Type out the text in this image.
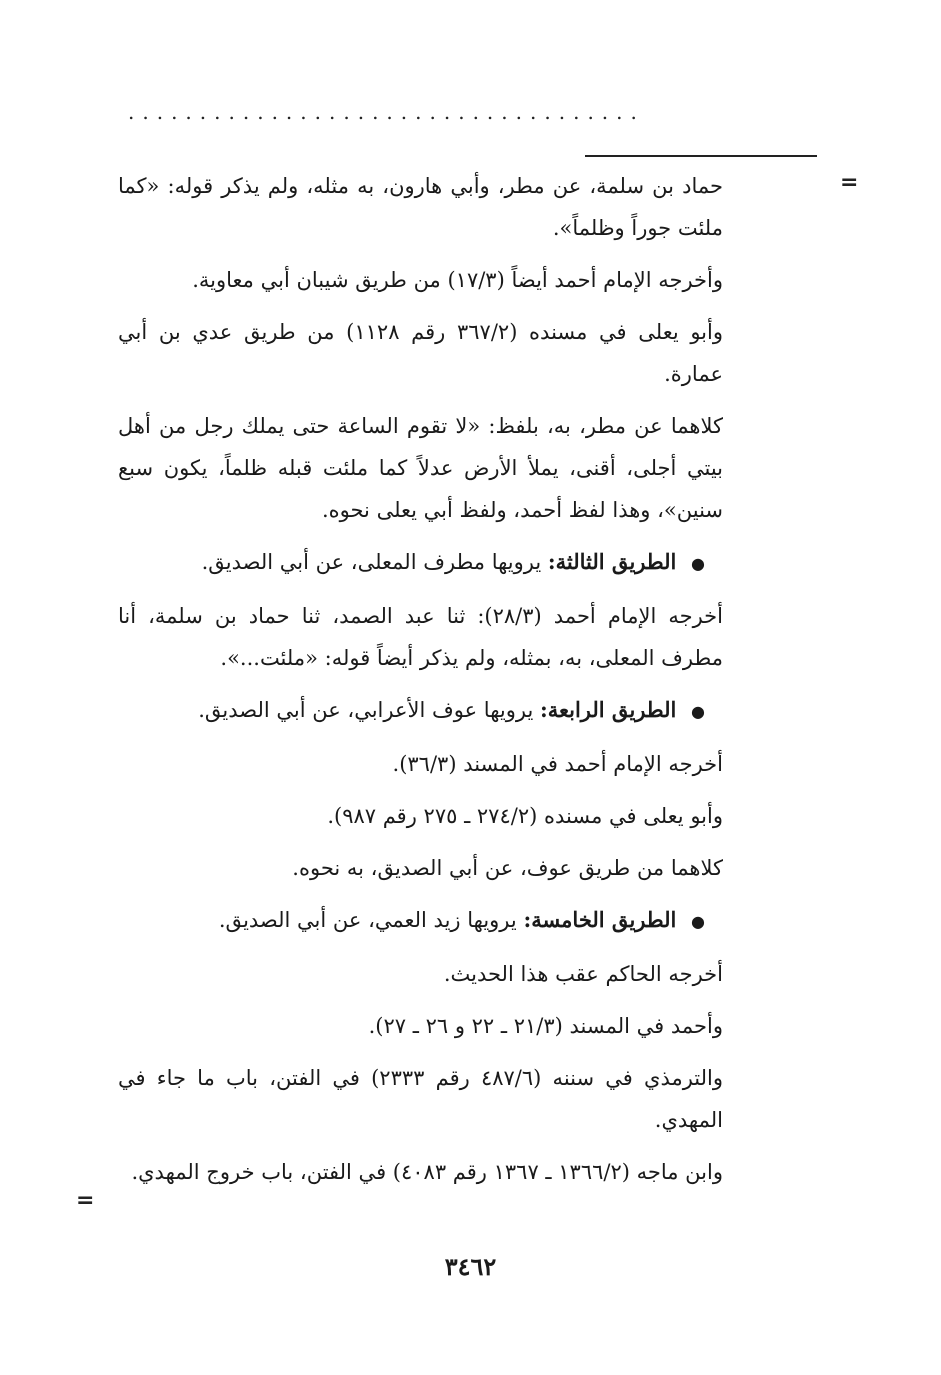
....................................
=
=

حماد بن سلمة، عن مطر، وأبي هارون، به مثله، ولم يذكر قوله: «كما ملئت جوراً وظلماً».

وأخرجه الإمام أحمد أيضاً (١٧/٣) من طريق شيبان أبي معاوية.

وأبو يعلى في مسنده (٣٦٧/٢ رقم ١١٢٨) من طريق عدي بن أبي عمارة.

كلاهما عن مطر، به، بلفظ: «لا تقوم الساعة حتى يملك رجل من أهل بيتي أجلى، أقنى، يملأ الأرض عدلاً كما ملئت قبله ظلماً، يكون سبع سنين»، وهذا لفظ أحمد، ولفظ أبي يعلى نحوه.

● الطريق الثالثة: يرويها مطرف المعلى، عن أبي الصديق.

أخرجه الإمام أحمد (٢٨/٣): ثنا عبد الصمد، ثنا حماد بن سلمة، أنا مطرف المعلى، به، بمثله، ولم يذكر أيضاً قوله: «ملئت...».

● الطريق الرابعة: يرويها عوف الأعرابي، عن أبي الصديق.

أخرجه الإمام أحمد في المسند (٣٦/٣).

وأبو يعلى في مسنده (٢٧٤/٢ ـ ٢٧٥ رقم ٩٨٧).

كلاهما من طريق عوف، عن أبي الصديق، به نحوه.

● الطريق الخامسة: يرويها زيد العمي، عن أبي الصديق.

أخرجه الحاكم عقب هذا الحديث.

وأحمد في المسند (٢١/٣ ـ ٢٢ و ٢٦ ـ ٢٧).

والترمذي في سننه (٤٨٧/٦ رقم ٢٣٣٣) في الفتن، باب ما جاء في المهدي.

وابن ماجه (١٣٦٦/٢ ـ ١٣٦٧ رقم ٤٠٨٣) في الفتن، باب خروج المهدي.

٣٤٦٢
